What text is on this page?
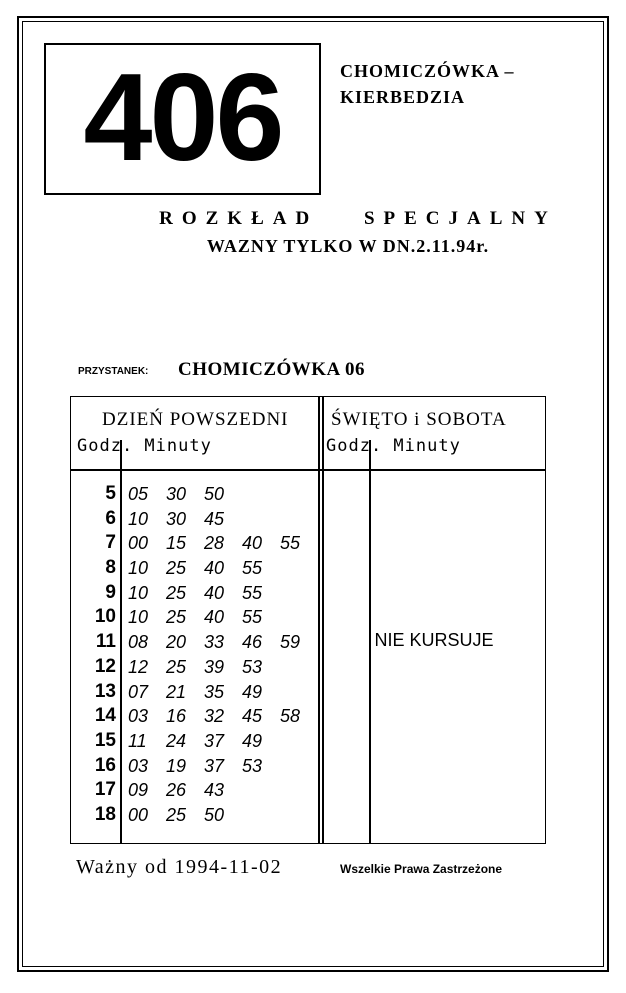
406	CHOMICZÓWKA –
KIERBEDZIA
ROZKŁAD SPECJALNY
WAZNY TYLKO W DN.2.11.94r.
PRZYSTANEK: CHOMICZÓWKA 06
DZIEŃ POWSZEDNI
Godz. Minuty
ŚWIĘTO i SOBOTA
Godz. Minuty
5 05 30 50
6 10 30 45
7 00 15 28 40 55
8 10 25 40 55
9 10 25 40 55
10 10 25 40 55
11 08 20 33 46 59
12 12 25 39 53
13 07 21 35 49
14 03 16 32 45 58
15 11 24 37 49
16 03 19 37 53
17 09 26 43
18 00 25 50
NIE KURSUJE
Ważny od 1994-11-02	Wszelkie Prawa Zastrzeżone
